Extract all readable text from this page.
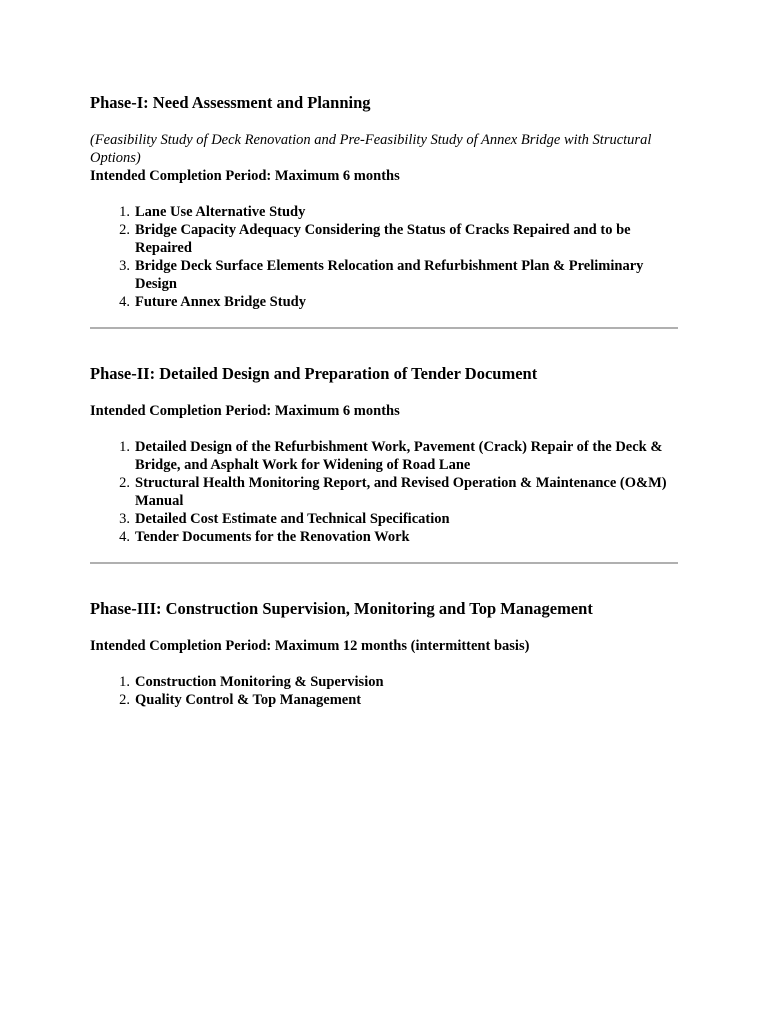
Phase-I: Need Assessment and Planning

(Feasibility Study of Deck Renovation and Pre-Feasibility Study of Annex Bridge with Structural Options)

Intended Completion Period: Maximum 6 months

1. Lane Use Alternative Study
2. Bridge Capacity Adequacy Considering the Status of Cracks Repaired and to be Repaired
3. Bridge Deck Surface Elements Relocation and Refurbishment Plan & Preliminary Design
4. Future Annex Bridge Study
Phase-II: Detailed Design and Preparation of Tender Document

Intended Completion Period: Maximum 6 months

1. Detailed Design of the Refurbishment Work, Pavement (Crack) Repair of the Deck & Bridge, and Asphalt Work for Widening of Road Lane
2. Structural Health Monitoring Report, and Revised Operation & Maintenance (O&M) Manual
3. Detailed Cost Estimate and Technical Specification
4. Tender Documents for the Renovation Work
Phase-III: Construction Supervision, Monitoring and Top Management

Intended Completion Period: Maximum 12 months (intermittent basis)

1. Construction Monitoring & Supervision
2. Quality Control & Top Management
